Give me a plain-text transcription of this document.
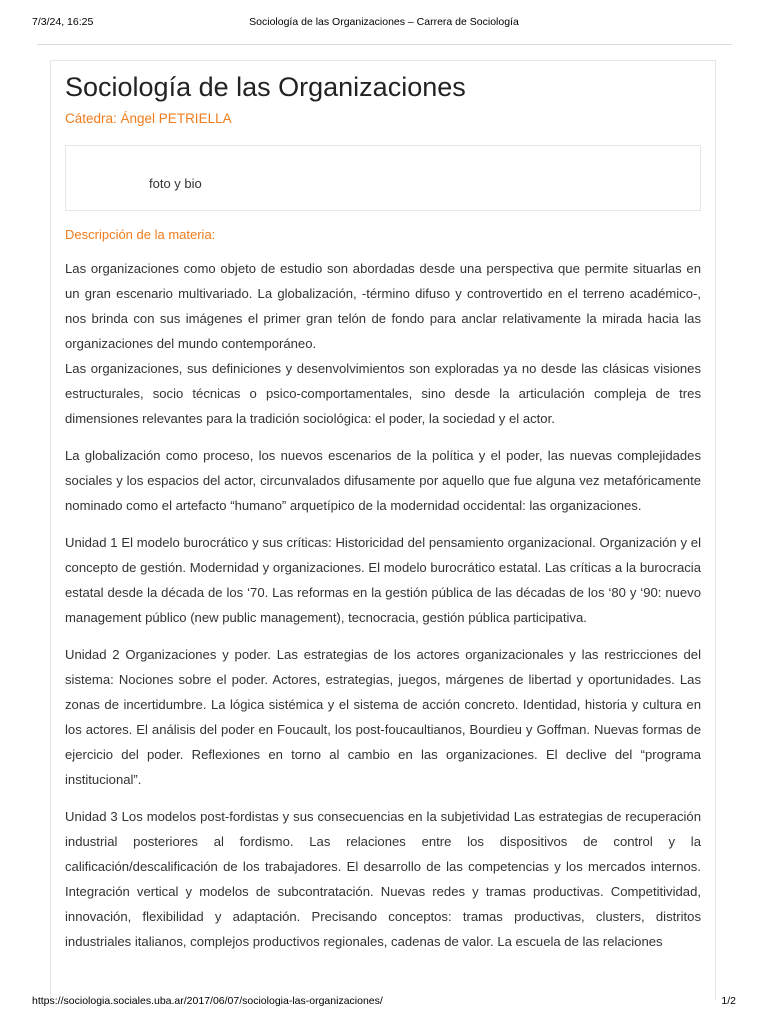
7/3/24, 16:25	Sociología de las Organizaciones – Carrera de Sociología
Sociología de las Organizaciones
Cátedra: Ángel PETRIELLA
foto y bio
Descripción de la materia:

Las organizaciones como objeto de estudio son abordadas desde una perspectiva que permite situarlas en un gran escenario multivariado. La globalización, -término difuso y controvertido en el terreno académico-, nos brinda con sus imágenes el primer gran telón de fondo para anclar relativamente la mirada hacia las organizaciones del mundo contemporáneo.

Las organizaciones, sus definiciones y desenvolvimientos son exploradas ya no desde las clásicas visiones estructurales, socio técnicas o psico-comportamentales, sino desde la articulación compleja de tres dimensiones relevantes para la tradición sociológica: el poder, la sociedad y el actor.

La globalización como proceso, los nuevos escenarios de la política y el poder, las nuevas complejidades sociales y los espacios del actor, circunvalados difusamente por aquello que fue alguna vez metafóricamente nominado como el artefacto “humano” arquetípico de la modernidad occidental: las organizaciones.

Unidad 1 El modelo burocrático y sus críticas: Historicidad del pensamiento organizacional. Organización y el concepto de gestión. Modernidad y organizaciones. El modelo burocrático estatal. Las críticas a la burocracia estatal desde la década de los ‘70. Las reformas en la gestión pública de las décadas de los ‘80 y ‘90: nuevo management público (new public management), tecnocracia, gestión pública participativa.

Unidad 2 Organizaciones y poder. Las estrategias de los actores organizacionales y las restricciones del sistema: Nociones sobre el poder. Actores, estrategias, juegos, márgenes de libertad y oportunidades. Las zonas de incertidumbre. La lógica sistémica y el sistema de acción concreto. Identidad, historia y cultura en los actores. El análisis del poder en Foucault, los post-foucaultianos, Bourdieu y Goffman. Nuevas formas de ejercicio del poder. Reflexiones en torno al cambio en las organizaciones. El declive del “programa institucional”.

Unidad 3 Los modelos post-fordistas y sus consecuencias en la subjetividad Las estrategias de recuperación industrial posteriores al fordismo. Las relaciones entre los dispositivos de control y la calificación/descalificación de los trabajadores. El desarrollo de las competencias y los mercados internos. Integración vertical y modelos de subcontratación. Nuevas redes y tramas productivas. Competitividad, innovación, flexibilidad y adaptación. Precisando conceptos: tramas productivas, clusters, distritos industriales italianos, complejos productivos regionales, cadenas de valor. La escuela de las relaciones

https://sociologia.sociales.uba.ar/2017/06/07/sociologia-las-organizaciones/	1/2
